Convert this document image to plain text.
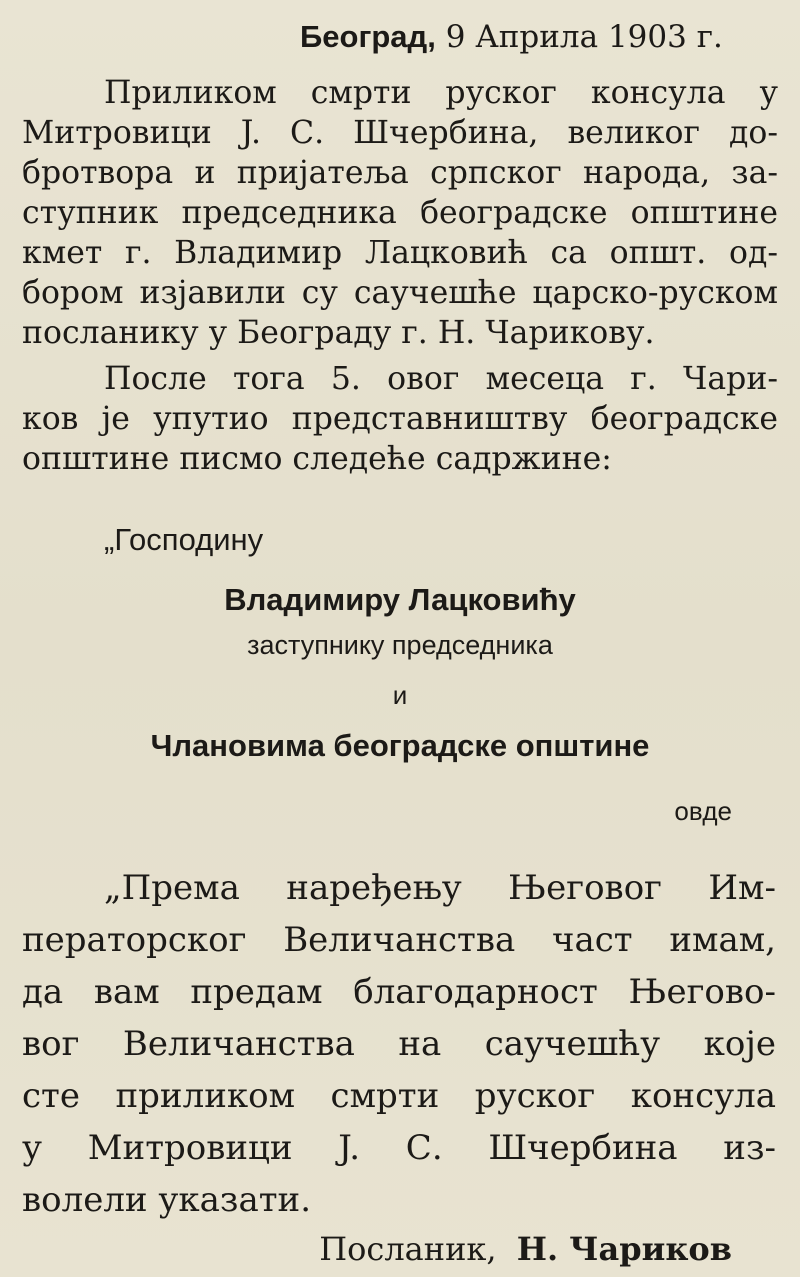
Београд, 9 Априла 1903 г.
Приликом смрти руског консула у
Митровици J. С. Шчербина, великог до-
бротвора и пријатеља српског народа, за-
ступник председника београдске општине
кмет г. Владимир Лацковић са општ. од-
бором изјавили су саучешће царско-руском
посланику у Београду г. Н. Чарикову.
После тога 5. овог месеца г. Чари-
ков је упутио представништву београдске
општине писмо следеће садржине:
„Господину
Владимиру Лацковићу
заступнику председника
и
Члановима београдске општине
овде
„Према наређењу Његовог Им-
ператорског Величанства част имам,
да вам предам благодарност Његово-
вог Величанства на саучешћу које
сте приликом смрти руског консула
у Митровици J. С. Шчербина из-
волели указати.
Посланик, Н. Чариков
